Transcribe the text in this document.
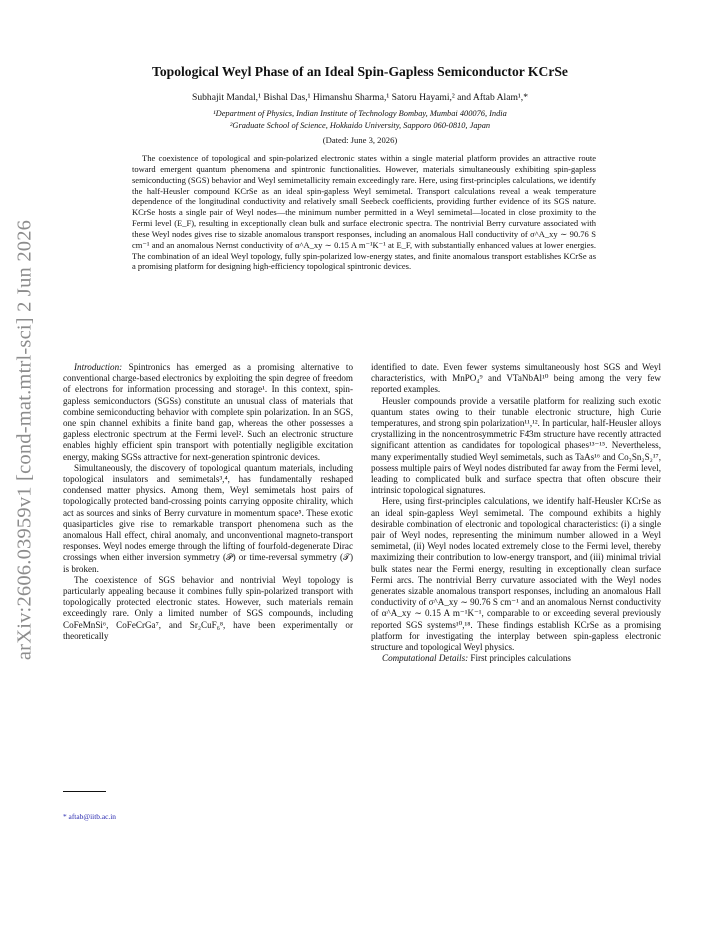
arXiv:2606.03959v1 [cond-mat.mtrl-sci] 2 Jun 2026
Topological Weyl Phase of an Ideal Spin-Gapless Semiconductor KCrSe
Subhajit Mandal,¹ Bishal Das,¹ Himanshu Sharma,¹ Satoru Hayami,² and Aftab Alam¹,*
¹Department of Physics, Indian Institute of Technology Bombay, Mumbai 400076, India
²Graduate School of Science, Hokkaido University, Sapporo 060-0810, Japan
(Dated: June 3, 2026)
The coexistence of topological and spin-polarized electronic states within a single material platform provides an attractive route toward emergent quantum phenomena and spintronic functionalities. However, materials simultaneously exhibiting spin-gapless semiconducting (SGS) behavior and Weyl semimetallicity remain exceedingly rare. Here, using first-principles calculations, we identify the half-Heusler compound KCrSe as an ideal spin-gapless Weyl semimetal. Transport calculations reveal a weak temperature dependence of the longitudinal conductivity and relatively small Seebeck coefficients, providing further evidence of its SGS nature. KCrSe hosts a single pair of Weyl nodes—the minimum number permitted in a Weyl semimetal—located in close proximity to the Fermi level (E_F), resulting in exceptionally clean bulk and surface electronic spectra. The nontrivial Berry curvature associated with these Weyl nodes gives rise to sizable anomalous transport responses, including an anomalous Hall conductivity of σ^A_xy ∼ 90.76 S cm⁻¹ and an anomalous Nernst conductivity of α^A_xy ∼ 0.15 A m⁻¹K⁻¹ at E_F, with substantially enhanced values at lower energies. The combination of an ideal Weyl topology, fully spin-polarized low-energy states, and finite anomalous transport establishes KCrSe as a promising platform for designing high-efficiency topological spintronic devices.

Introduction: Spintronics has emerged as a promising alternative to conventional charge-based electronics by exploiting the spin degree of freedom of electrons for information processing and storage¹. In this context, spin-gapless semiconductors (SGSs) constitute an unusual class of materials that combine semiconducting behavior with complete spin polarization. In an SGS, one spin channel exhibits a finite band gap, whereas the other possesses a gapless electronic spectrum at the Fermi level². Such an electronic structure enables highly efficient spin transport with potentially negligible excitation energy, making SGSs attractive for next-generation spintronic devices.

Simultaneously, the discovery of topological quantum materials, including topological insulators and semimetals³,⁴, has fundamentally reshaped condensed matter physics. Among them, Weyl semimetals host pairs of topologically protected band-crossing points carrying opposite chirality, which act as sources and sinks of Berry curvature in momentum space⁵. These exotic quasiparticles give rise to remarkable transport phenomena such as the anomalous Hall effect, chiral anomaly, and unconventional magneto-transport responses. Weyl nodes emerge through the lifting of fourfold-degenerate Dirac crossings when either inversion symmetry (𝒫) or time-reversal symmetry (𝒯) is broken.

The coexistence of SGS behavior and nontrivial Weyl topology is particularly appealing because it combines fully spin-polarized transport with topologically protected electronic states. However, such materials remain exceedingly rare. Only a limited number of SGS compounds, including CoFeMnSi⁶, CoFeCrGa⁷, and Sr₂CuF₆⁸, have been experimentally or theoretically

identified to date. Even fewer systems simultaneously host SGS and Weyl characteristics, with MnPO₄⁹ and VTaNbAl¹⁰ being among the very few reported examples.

Heusler compounds provide a versatile platform for realizing such exotic quantum states owing to their tunable electronic structure, high Curie temperatures, and strong spin polarization¹¹,¹². In particular, half-Heusler alloys crystallizing in the noncentrosymmetric F4̄3m structure have recently attracted significant attention as candidates for topological phases¹³⁻¹⁵. Nevertheless, many experimentally studied Weyl semimetals, such as TaAs¹⁶ and Co₃Sn₂S₂¹⁷, possess multiple pairs of Weyl nodes distributed far away from the Fermi level, leading to complicated bulk and surface spectra that often obscure their intrinsic topological signatures.

Here, using first-principles calculations, we identify half-Heusler KCrSe as an ideal spin-gapless Weyl semimetal. The compound exhibits a highly desirable combination of electronic and topological characteristics: (i) a single pair of Weyl nodes, representing the minimum number allowed in a Weyl semimetal, (ii) Weyl nodes located extremely close to the Fermi level, thereby maximizing their contribution to low-energy transport, and (iii) minimal trivial bulk states near the Fermi energy, resulting in exceptionally clean surface Fermi arcs. The nontrivial Berry curvature associated with the Weyl nodes generates sizable anomalous transport responses, including an anomalous Hall conductivity of σ^A_xy ∼ 90.76 S cm⁻¹ and an anomalous Nernst conductivity of α^A_xy ∼ 0.15 A m⁻¹K⁻¹, comparable to or exceeding several previously reported SGS systems¹⁰,¹⁸. These findings establish KCrSe as a promising platform for investigating the interplay between spin-gapless electronic structure and topological Weyl physics.

Computational Details: First principles calculations

* aftab@iitb.ac.in
